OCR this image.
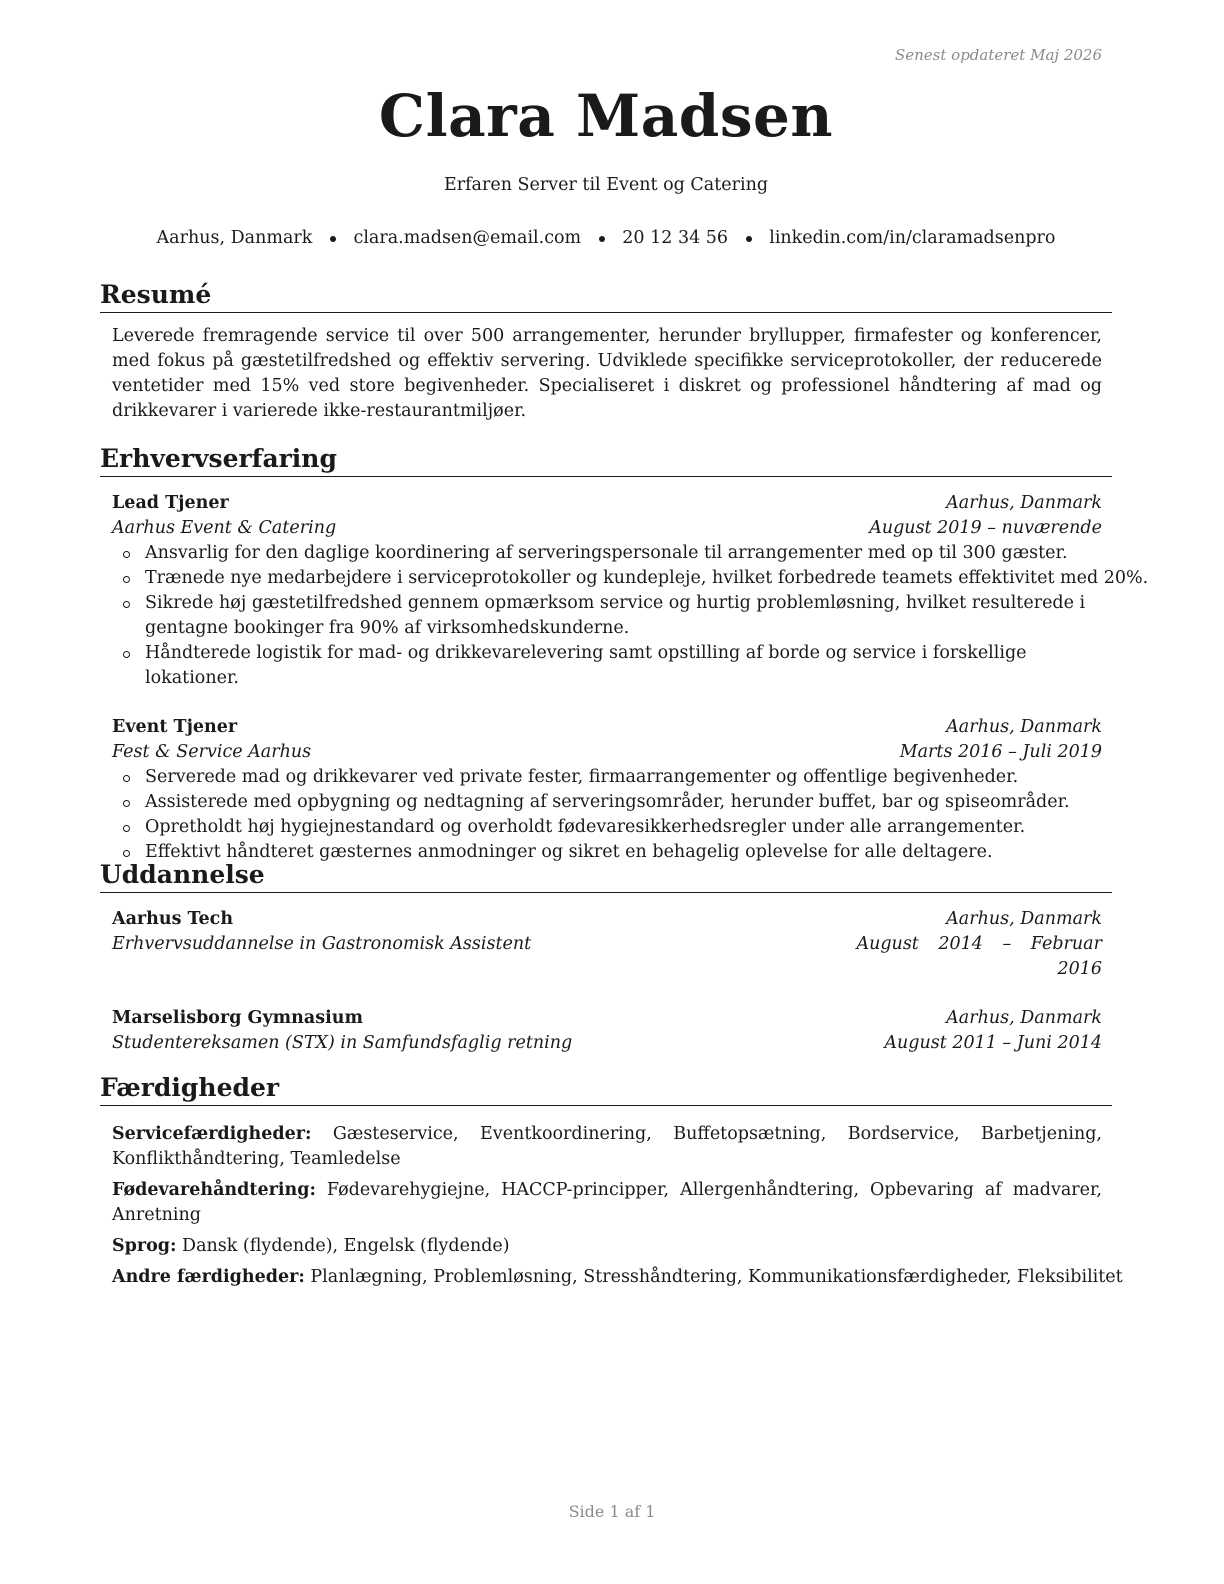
Senest opdateret Maj 2026
Clara Madsen
Erfaren Server til Event og Catering
Aarhus, Danmark clara.madsen@email.com 20 12 34 56 linkedin.com/in/claramadsenpro
Resumé
Leverede fremragende service til over 500 arrangementer, herunder bryllupper, firmafester og konferencer, med fokus på gæstetilfredshed og effektiv servering. Udviklede specifikke serviceprotokoller, der reducerede ventetider med 15% ved store begivenheder. Specialiseret i diskret og professionel håndtering af mad og drikkevarer i varierede ikke-restaurantmiljøer.
Erhvervserfaring
Lead Tjener	Aarhus, Danmark
Aarhus Event & Catering	August 2019 – nuværende
Ansvarlig for den daglige koordinering af serveringspersonale til arrangementer med op til 300 gæster.
Trænede nye medarbejdere i serviceprotokoller og kundepleje, hvilket forbedrede teamets effektivitet med 20%.
Sikrede høj gæstetilfredshed gennem opmærksom service og hurtig problemløsning, hvilket resulterede i gentagne bookinger fra 90% af virksomhedskunderne.
Håndterede logistik for mad- og drikkevarelevering samt opstilling af borde og service i forskellige lokationer.
Event Tjener	Aarhus, Danmark
Fest & Service Aarhus	Marts 2016 – Juli 2019
Serverede mad og drikkevarer ved private fester, firmaarrangementer og offentlige begivenheder.
Assisterede med opbygning og nedtagning af serveringsområder, herunder buffet, bar og spiseområder.
Opretholdt høj hygiejnestandard og overholdt fødevaresikkerhedsregler under alle arrangementer.
Effektivt håndteret gæsternes anmodninger og sikret en behagelig oplevelse for alle deltagere.
Uddannelse
Aarhus Tech	Aarhus, Danmark
Erhvervsuddannelse in Gastronomisk Assistent	August 2014 – Februar
2016
Marselisborg Gymnasium	Aarhus, Danmark
Studentereksamen (STX) in Samfundsfaglig retning	August 2011 – Juni 2014
Færdigheder
Servicefærdigheder: Gæsteservice, Eventkoordinering, Buffetopsætning, Bordservice, Barbetjening, Konflikthåndtering, Teamledelse
Fødevarehåndtering: Fødevarehygiejne, HACCP-principper, Allergenhåndtering, Opbevaring af madvarer, Anretning
Sprog: Dansk (flydende), Engelsk (flydende)
Andre færdigheder: Planlægning, Problemløsning, Stresshåndtering, Kommunikationsfærdigheder, Fleksibilitet
Side 1 af 1
